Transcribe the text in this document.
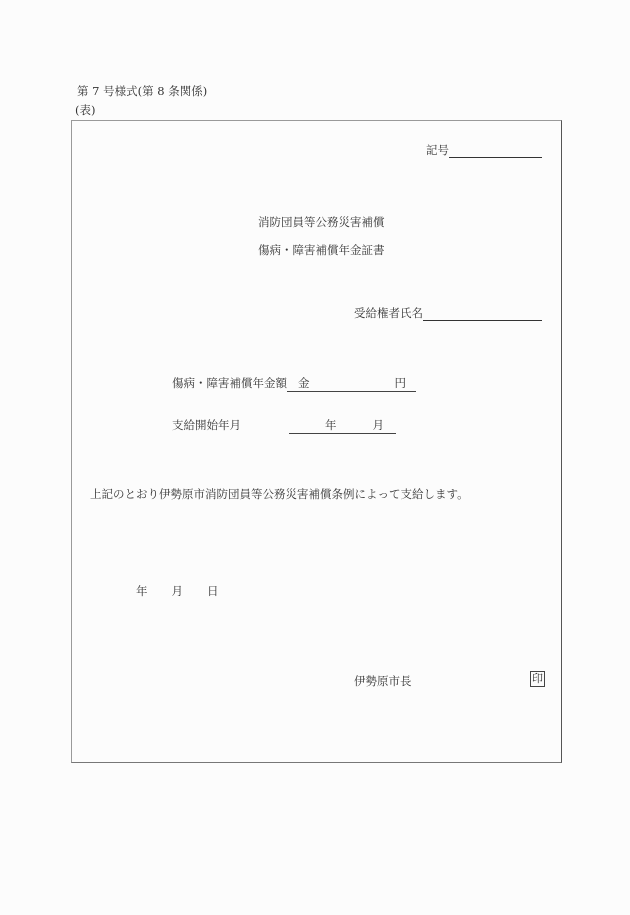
第 7 号様式(第 8 条関係)
(表)
記号
消防団員等公務災害補償
傷病・障害補償年金証書
受給権者氏名
傷病・障害補償年金額 金	円
支給開始年月	年	月
上記のとおり伊勢原市消防団員等公務災害補償条例によって支給します。
年 月 日
伊勢原市長	印
